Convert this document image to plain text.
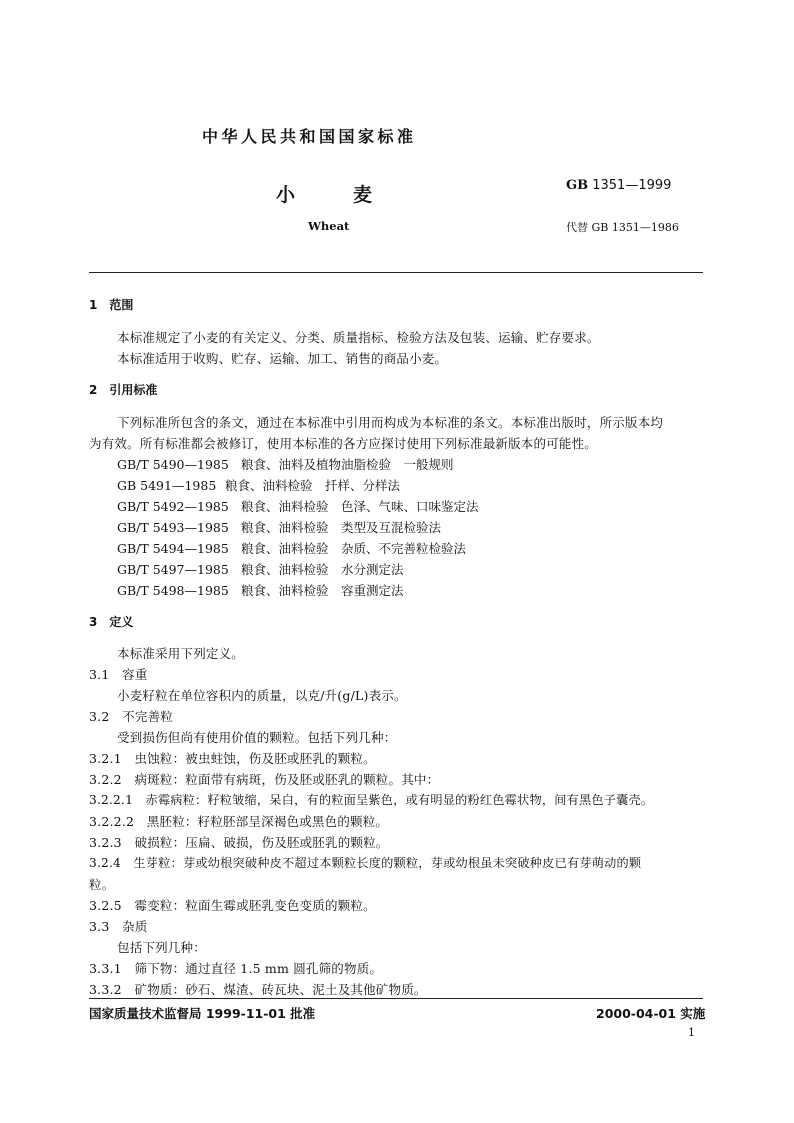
中华人民共和国国家标准
小	麦	GB 1351—1999
Wheat	代替 GB 1351—1986
1　范围
本标准规定了小麦的有关定义、分类、质量指标、检验方法及包装、运输、贮存要求。
本标准适用于收购、贮存、运输、加工、销售的商品小麦。
2　引用标准
下列标准所包含的条文，通过在本标准中引用而构成为本标准的条文。本标准出版时，所示版本均
为有效。所有标准都会被修订，使用本标准的各方应探讨使用下列标准最新版本的可能性。
GB/T 5490—1985 粮食、油料及植物油脂检验　一般规则
GB 5491—1985 粮食、油料检验　扦样、分样法
GB/T 5492—1985 粮食、油料检验　色泽、气味、口味鉴定法
GB/T 5493—1985 粮食、油料检验　类型及互混检验法
GB/T 5494—1985 粮食、油料检验　杂质、不完善粒检验法
GB/T 5497—1985 粮食、油料检验　水分测定法
GB/T 5498—1985 粮食、油料检验　容重测定法
3　定义
本标准采用下列定义。
3.1　容重
小麦籽粒在单位容积内的质量，以克/升(g/L)表示。
3.2　不完善粒
受到损伤但尚有使用价值的颗粒。包括下列几种：
3.2.1　虫蚀粒：被虫蛀蚀，伤及胚或胚乳的颗粒。
3.2.2　病斑粒：粒面带有病斑，伤及胚或胚乳的颗粒。其中：
3.2.2.1　赤霉病粒：籽粒皱缩，呆白，有的粒面呈紫色，或有明显的粉红色霉状物，间有黑色子囊壳。
3.2.2.2　黑胚粒：籽粒胚部呈深褐色或黑色的颗粒。
3.2.3　破损粒：压扁、破损，伤及胚或胚乳的颗粒。
3.2.4　生芽粒：芽或幼根突破种皮不超过本颗粒长度的颗粒，芽或幼根虽未突破种皮已有芽萌动的颗
粒。
3.2.5　霉变粒：粒面生霉或胚乳变色变质的颗粒。
3.3　杂质
包括下列几种：
3.3.1　筛下物：通过直径 1.5 mm 圆孔筛的物质。
3.3.2　矿物质：砂石、煤渣、砖瓦块、泥土及其他矿物质。
国家质量技术监督局 1999-11-01 批准	2000-04-01 实施
1
